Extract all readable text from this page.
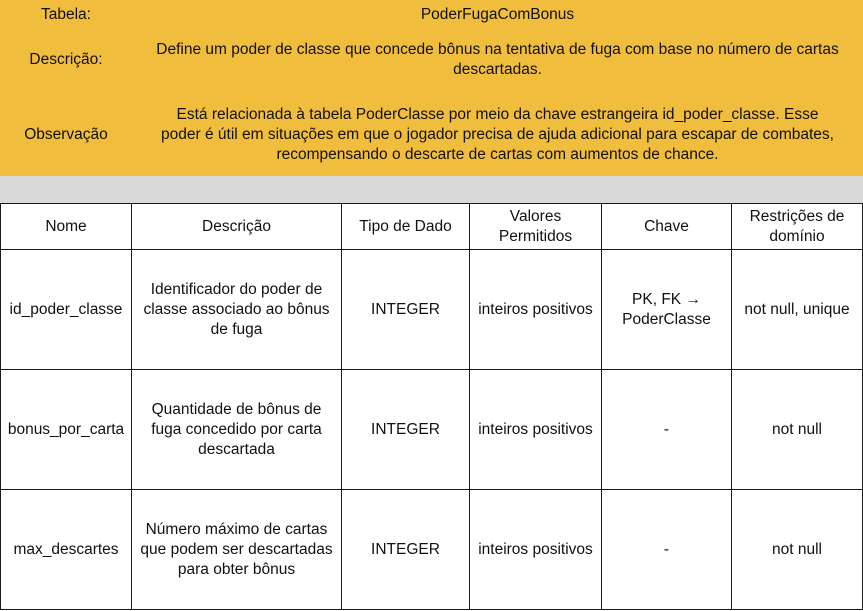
Tabela:	PoderFugaComBonus
Descrição:
Define um poder de classe que concede bônus na tentativa de fuga com base no número de cartas descartadas.
Observação
Está relacionada à tabela PoderClasse por meio da chave estrangeira id_poder_classe. Esse poder é útil em situações em que o jogador precisa de ajuda adicional para escapar de combates, recompensando o descarte de cartas com aumentos de chance.
Nome	Descrição	Tipo de Dado	Valores Permitidos	Chave	Restrições de domínio
id_poder_classe	Identificador do poder de classe associado ao bônus de fuga	INTEGER	inteiros positivos	PK, FK → PoderClasse	not null, unique
bonus_por_carta	Quantidade de bônus de fuga concedido por carta descartada	INTEGER	inteiros positivos	-	not null
max_descartes	Número máximo de cartas que podem ser descartadas para obter bônus	INTEGER	inteiros positivos	-	not null
